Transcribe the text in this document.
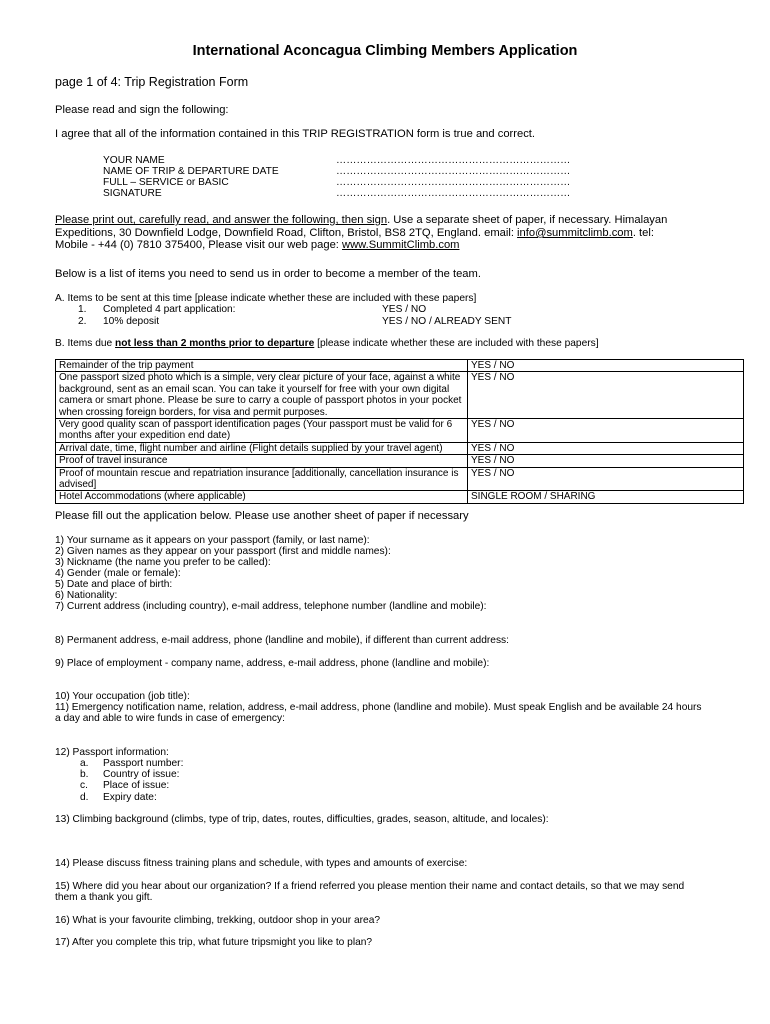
International Aconcagua Climbing Members Application
page 1 of 4: Trip Registration Form
Please read and sign the following:
I agree that all of the information contained in this TRIP REGISTRATION form is true and correct.
YOUR NAME	……………………………………………………………
NAME OF TRIP & DEPARTURE DATE	……………………………………………………………
FULL – SERVICE or BASIC	……………………………………………………………
SIGNATURE	……………………………………………………………
Please print out, carefully read, and answer the following, then sign. Use a separate sheet of paper, if necessary. Himalayan
Expeditions, 30 Downfield Lodge, Downfield Road, Clifton, Bristol, BS8 2TQ, England. email: info@summitclimb.com. tel:
Mobile - +44 (0) 7810 375400, Please visit our web page: www.SummitClimb.com
Below is a list of items you need to send us in order to become a member of the team.
A. Items to be sent at this time [please indicate whether these are included with these papers]
1. Completed 4 part application:	YES / NO
2. 10% deposit	YES / NO / ALREADY SENT
B. Items due not less than 2 months prior to departure [please indicate whether these are included with these papers]
Remainder of the trip payment	YES / NO
One passport sized photo which is a simple, very clear picture of your face, against a white background, sent as an email scan. You can take it yourself for free with your own digital camera or smart phone. Please be sure to carry a couple of passport photos in your pocket when crossing foreign borders, for visa and permit purposes.	YES / NO
Very good quality scan of passport identification pages (Your passport must be valid for 6 months after your expedition end date)	YES / NO
Arrival date, time, flight number and airline (Flight details supplied by your travel agent)	YES / NO
Proof of travel insurance	YES / NO
Proof of mountain rescue and repatriation insurance [additionally, cancellation insurance is advised]	YES / NO
Hotel Accommodations (where applicable)	SINGLE ROOM / SHARING
Please fill out the application below. Please use another sheet of paper if necessary
1) Your surname as it appears on your passport (family, or last name):
2) Given names as they appear on your passport (first and middle names):
3) Nickname (the name you prefer to be called):
4) Gender (male or female):
5) Date and place of birth:
6) Nationality:
7) Current address (including country), e-mail address, telephone number (landline and mobile):
8) Permanent address, e-mail address, phone (landline and mobile), if different than current address:
9) Place of employment - company name, address, e-mail address, phone (landline and mobile):
10) Your occupation (job title):
11) Emergency notification name, relation, address, e-mail address, phone (landline and mobile). Must speak English and be available 24 hours
a day and able to wire funds in case of emergency:
12) Passport information:
a. Passport number:
b. Country of issue:
c. Place of issue:
d. Expiry date:
13) Climbing background (climbs, type of trip, dates, routes, difficulties, grades, season, altitude, and locales):
14) Please discuss fitness training plans and schedule, with types and amounts of exercise:
15) Where did you hear about our organization? If a friend referred you please mention their name and contact details, so that we may send
them a thank you gift.
16) What is your favourite climbing, trekking, outdoor shop in your area?
17) After you complete this trip, what future tripsmight you like to plan?
